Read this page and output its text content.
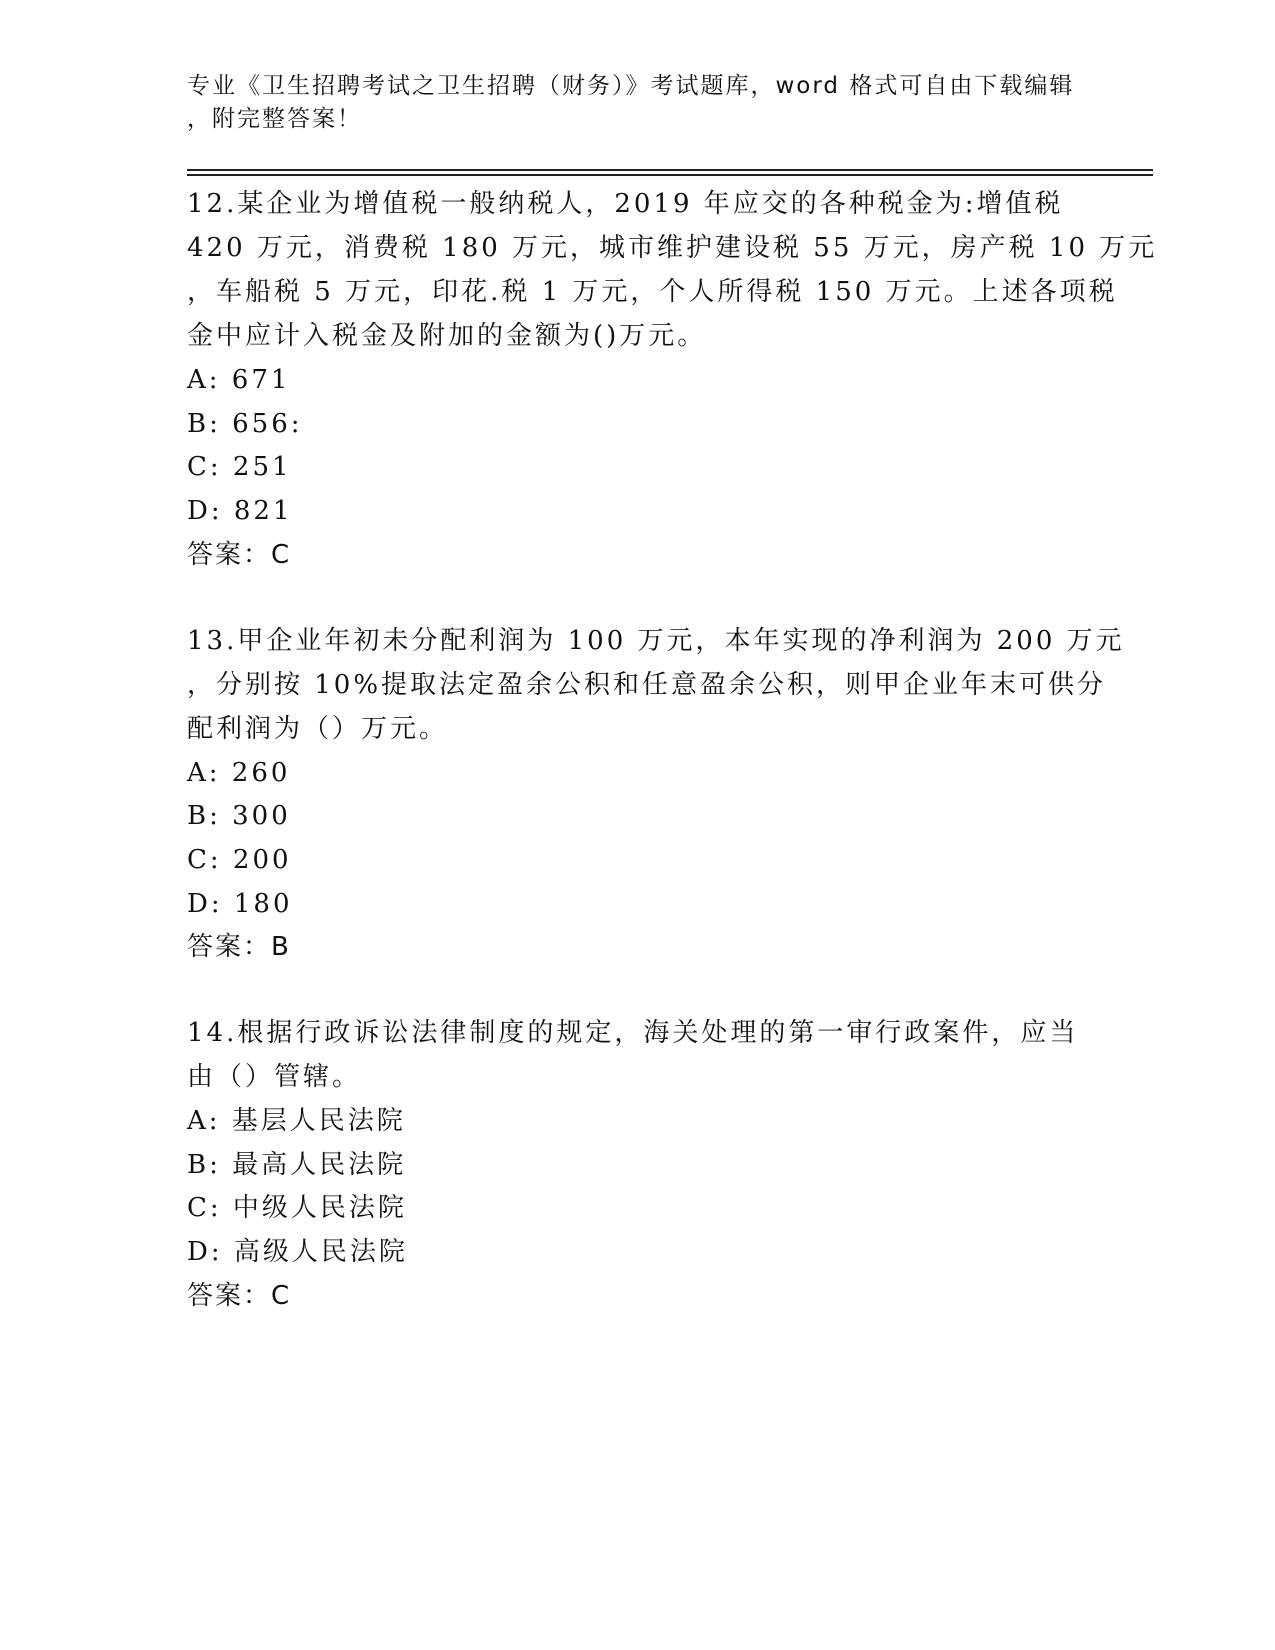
专业《卫生招聘考试之卫生招聘（财务）》考试题库，word 格式可自由下载编辑
，附完整答案！
12.某企业为增值税一般纳税人，2019 年应交的各种税金为:增值税
420 万元，消费税 180 万元，城市维护建设税 55 万元，房产税 10 万元
，车船税 5 万元，印花.税 1 万元，个人所得税 150 万元。上述各项税
金中应计入税金及附加的金额为()万元。
A: 671
B: 656:
C: 251
D: 821
答案：C
13.甲企业年初未分配利润为 100 万元，本年实现的净利润为 200 万元
，分别按 10%提取法定盈余公积和任意盈余公积，则甲企业年末可供分
配利润为（）万元。
A: 260
B: 300
C: 200
D: 180
答案：B
14.根据行政诉讼法律制度的规定，海关处理的第一审行政案件，应当
由（）管辖。
A: 基层人民法院
B: 最高人民法院
C: 中级人民法院
D: 高级人民法院
答案：C
